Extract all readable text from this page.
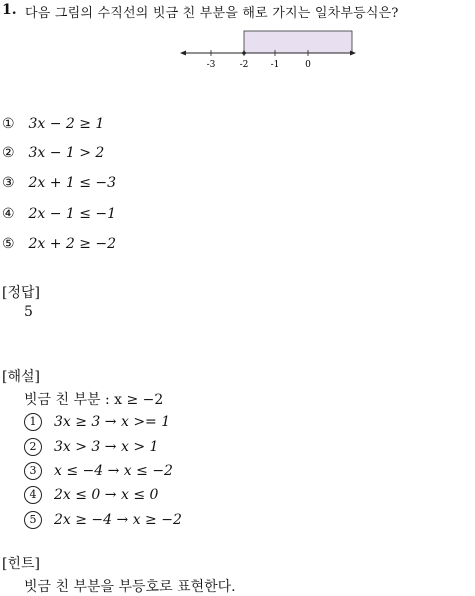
1. 다음 그림의 수직선의 빗금 친 부분을 해로 가지는 일차부등식은?
-3	-2 -1	0
① 3x − 2 ≥ 1
② 3x − 1 > 2
③ 2x + 1 ≤ −3
④ 2x − 1 ≤ −1
⑤ 2x + 2 ≥ −2
[정답]
5
[해설]
빗금 친 부분 : x ≥ −2
1 3x ≥ 3 → x >= 1
2 3x > 3 → x > 1
3 x ≤ −4 → x ≤ −2
4 2x ≤ 0 → x ≤ 0
5 2x ≥ −4 → x ≥ −2
[힌트]
빗금 친 부분을 부등호로 표현한다.
